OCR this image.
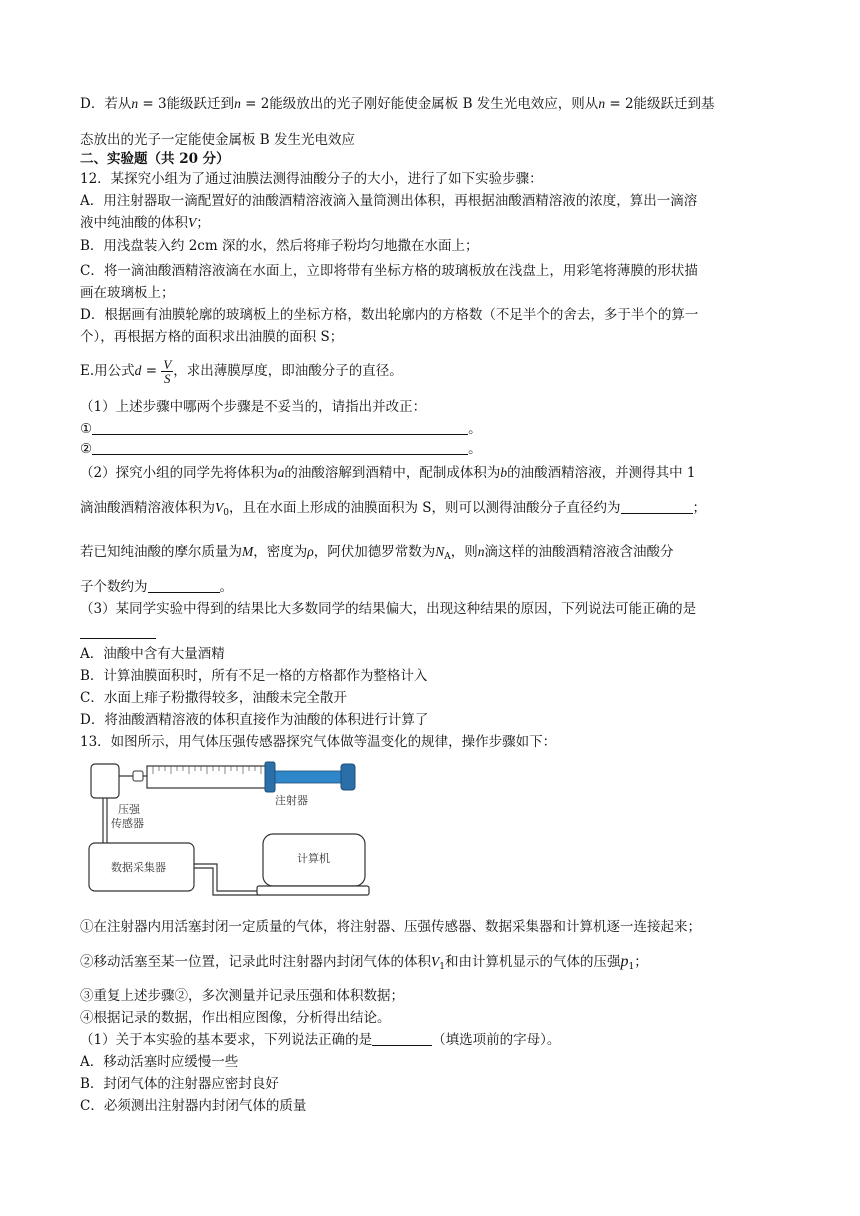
D．若从n = 3能级跃迁到n = 2能级放出的光子刚好能使金属板 B 发生光电效应，则从n = 2能级跃迁到基
态放出的光子一定能使金属板 B 发生光电效应
二、实验题（共 20 分）
12．某探究小组为了通过油膜法测得油酸分子的大小，进行了如下实验步骤：
A．用注射器取一滴配置好的油酸酒精溶液滴入量筒测出体积，再根据油酸酒精溶液的浓度，算出一滴溶
液中纯油酸的体积V；
B．用浅盘装入约 2cm 深的水，然后将痱子粉均匀地撒在水面上；
C．将一滴油酸酒精溶液滴在水面上，立即将带有坐标方格的玻璃板放在浅盘上，用彩笔将薄膜的形状描
画在玻璃板上；
D．根据画有油膜轮廓的玻璃板上的坐标方格，数出轮廓内的方格数（不足半个的舍去，多于半个的算一
个），再根据方格的面积求出油膜的面积 S；
E.用公式$d = \frac{V}{S}$ ，求出薄膜厚度，即油酸分子的直径。
（1）上述步骤中哪两个步骤是不妥当的，请指出并改正：
①	。
②	。
（2）探究小组的同学先将体积为a的油酸溶解到酒精中，配制成体积为b的油酸酒精溶液，并测得其中 1
滴油酸酒精溶液体积为$V_0$，且在水面上形成的油膜面积为 S，则可以测得油酸分子直径约为	；
若已知纯油酸的摩尔质量为M，密度为ρ，阿伏加德罗常数为$N_A$，则n滴这样的油酸酒精溶液含油酸分
子个数约为	。
（3）某同学实验中得到的结果比大多数同学的结果偏大，出现这种结果的原因，下列说法可能正确的是
A．油酸中含有大量酒精
B．计算油膜面积时，所有不足一格的方格都作为整格计入
C．水面上痱子粉撒得较多，油酸未完全散开
D．将油酸酒精溶液的体积直接作为油酸的体积进行计算了
13．如图所示，用气体压强传感器探究气体做等温变化的规律，操作步骤如下：
压强
传感器
注射器
数据采集器
计算机
①在注射器内用活塞封闭一定质量的气体，将注射器、压强传感器、数据采集器和计算机逐一连接起来；
②移动活塞至某一位置，记录此时注射器内封闭气体的体积$V_1$和由计算机显示的气体的压强$p_1$；
③重复上述步骤②，多次测量并记录压强和体积数据；
④根据记录的数据，作出相应图像，分析得出结论。
（1）关于本实验的基本要求，下列说法正确的是	（填选项前的字母）。
A．移动活塞时应缓慢一些
B．封闭气体的注射器应密封良好
C．必须测出注射器内封闭气体的质量
